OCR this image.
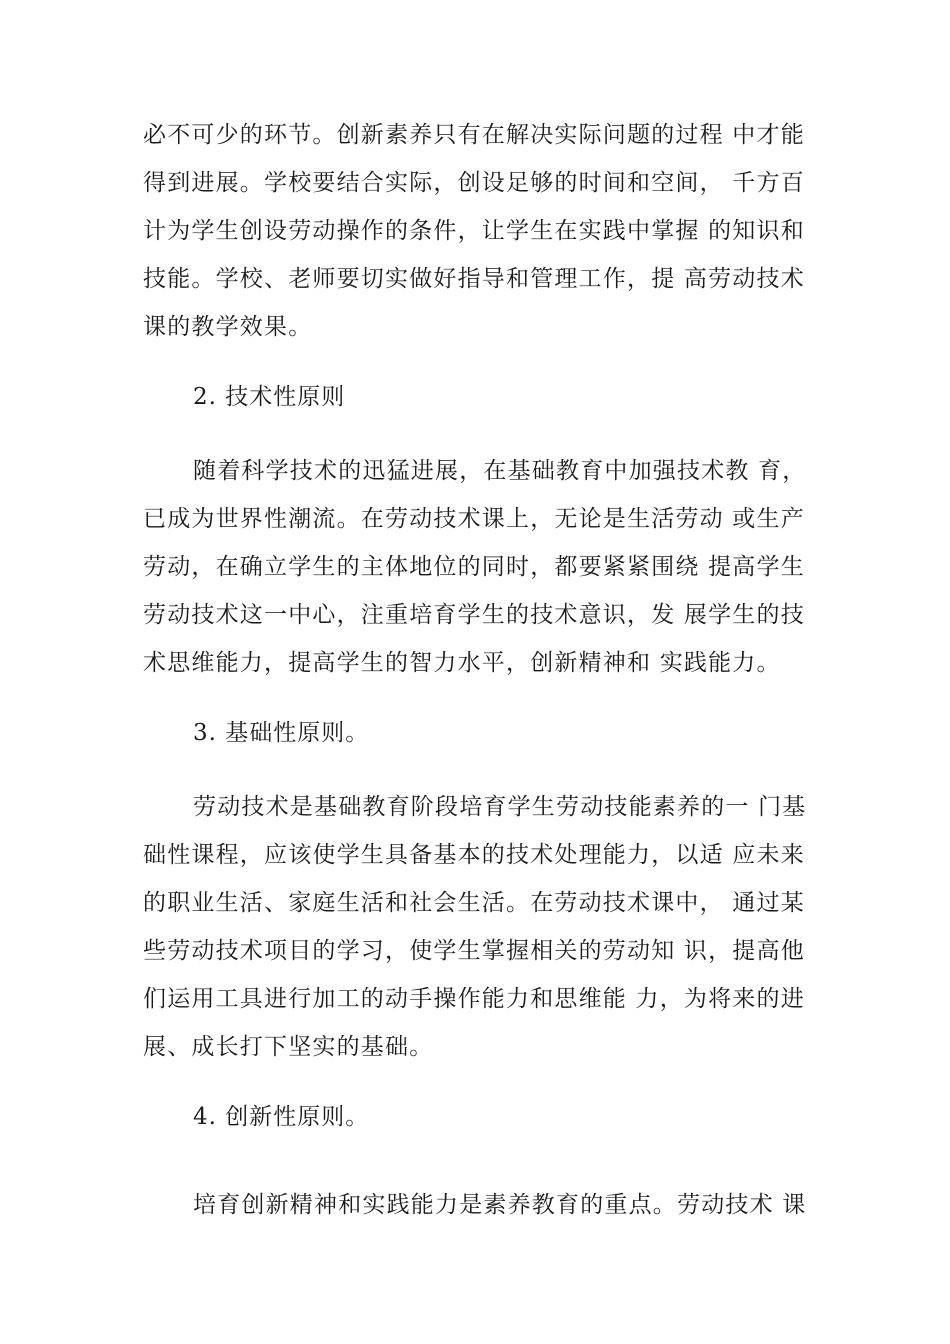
必不可少的环节。创新素养只有在解决实际问题的过程 中才能
得到进展。学校要结合实际，创设足够的时间和空间， 千方百
计为学生创设劳动操作的条件，让学生在实践中掌握 的知识和
技能。学校、老师要切实做好指导和管理工作，提 高劳动技术
课的教学效果。

2. 技术性原则

随着科学技术的迅猛进展，在基础教育中加强技术教 育，
已成为世界性潮流。在劳动技术课上，无论是生活劳动 或生产
劳动，在确立学生的主体地位的同时，都要紧紧围绕 提高学生
劳动技术这一中心，注重培育学生的技术意识，发 展学生的技
术思维能力，提高学生的智力水平，创新精神和 实践能力。

3. 基础性原则。

劳动技术是基础教育阶段培育学生劳动技能素养的一 门基
础性课程，应该使学生具备基本的技术处理能力，以适 应未来
的职业生活、家庭生活和社会生活。在劳动技术课中， 通过某
些劳动技术项目的学习，使学生掌握相关的劳动知 识，提高他
们运用工具进行加工的动手操作能力和思维能 力，为将来的进
展、成长打下坚实的基础。

4. 创新性原则。

培育创新精神和实践能力是素养教育的重点。劳动技术 课
